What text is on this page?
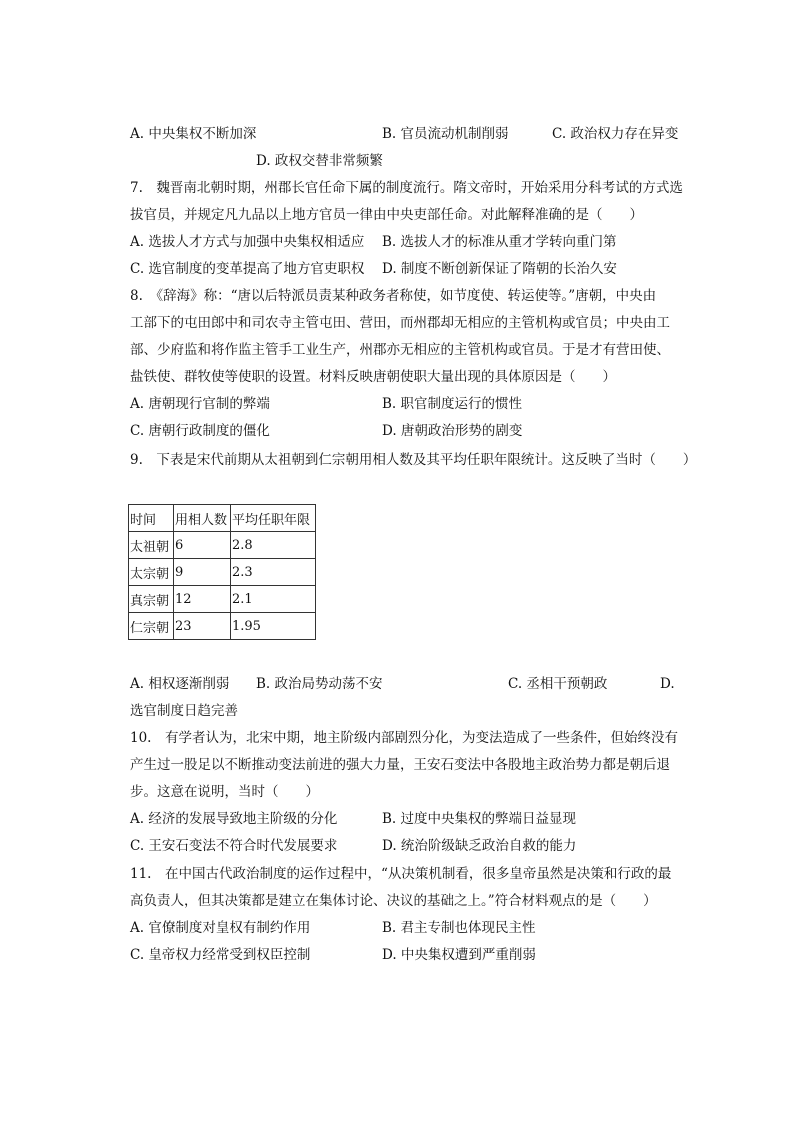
A. 中央集权不断加深	B. 官员流动机制削弱	C. 政治权力存在异变
D. 政权交替非常频繁
7.　魏晋南北朝时期，州郡长官任命下属的制度流行。隋文帝时，开始采用分科考试的方式选
拔官员，并规定凡九品以上地方官员一律由中央吏部任命。对此解释准确的是（　　）
A. 选拔人才方式与加强中央集权相适应 B. 选拔人才的标准从重才学转向重门第
C. 选官制度的变革提高了地方官吏职权 D. 制度不断创新保证了隋朝的长治久安
8.　《辞海》称：“唐以后特派员责某种政务者称使，如节度使、转运使等。”唐朝，中央由
工部下的屯田郎中和司农寺主管屯田、营田，而州郡却无相应的主管机构或官员；中央由工
部、少府监和将作监主管手工业生产，州郡亦无相应的主管机构或官员。于是才有营田使、
盐铁使、群牧使等使职的设置。材料反映唐朝使职大量出现的具体原因是（　　）
A. 唐朝现行官制的弊端	B. 职官制度运行的惯性
C. 唐朝行政制度的僵化	D. 唐朝政治形势的剧变
9.　下表是宋代前期从太祖朝到仁宗朝用相人数及其平均任职年限统计。这反映了当时（　　）
时间	用相人数	平均任职年限
太祖朝	6	2.8
太宗朝	9	2.3
真宗朝	12	2.1
仁宗朝	23	1.95
A. 相权逐渐削弱 B. 政治局势动荡不安	C. 丞相干预朝政	D.
选官制度日趋完善
10.　有学者认为，北宋中期，地主阶级内部剧烈分化，为变法造成了一些条件，但始终没有
产生过一股足以不断推动变法前进的强大力量，王安石变法中各股地主政治势力都是朝后退
步。这意在说明，当时（　　）
A. 经济的发展导致地主阶级的分化	B. 过度中央集权的弊端日益显现
C. 王安石变法不符合时代发展要求	D. 统治阶级缺乏政治自救的能力
11.　在中国古代政治制度的运作过程中，“从决策机制看，很多皇帝虽然是决策和行政的最
高负责人，但其决策都是建立在集体讨论、决议的基础之上。”符合材料观点的是（　　）
A. 官僚制度对皇权有制约作用	B. 君主专制也体现民主性
C. 皇帝权力经常受到权臣控制	D. 中央集权遭到严重削弱
